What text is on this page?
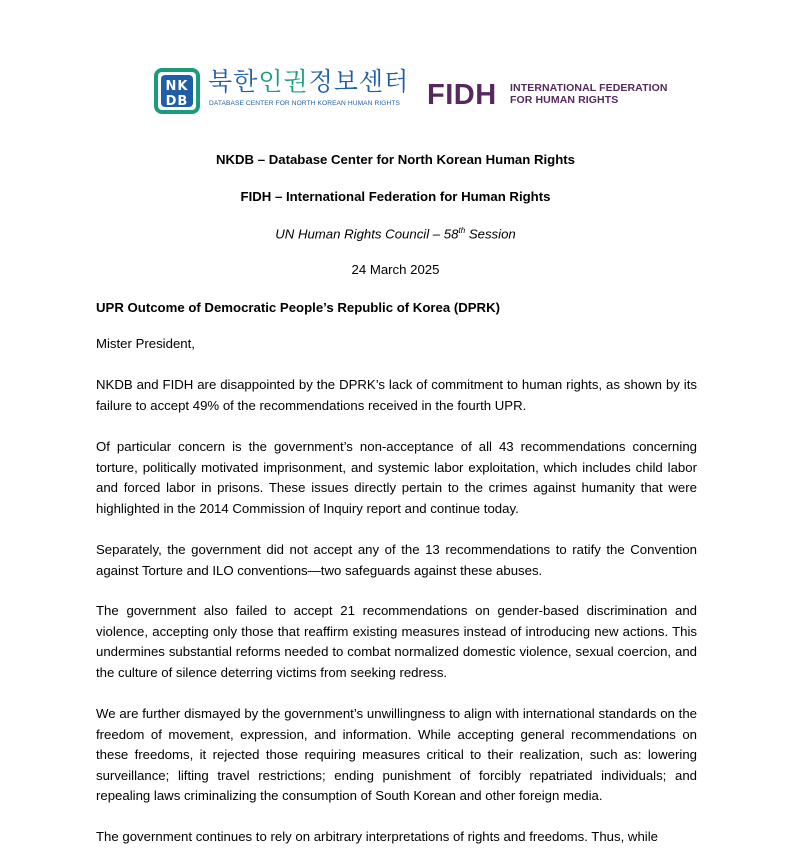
NK DB
북한인권정보센터
DATABASE CENTER FOR NORTH KOREAN HUMAN RIGHTS FIDH INTERNATIONAL FEDERATION
FOR HUMAN RIGHTS
NKDB – Database Center for North Korean Human Rights
FIDH – International Federation for Human Rights
UN Human Rights Council – 58th Session
24 March 2025
UPR Outcome of Democratic People’s Republic of Korea (DPRK)
Mister President,
NKDB and FIDH are disappointed by the DPRK’s lack of commitment to human rights, as shown by its failure to accept 49% of the recommendations received in the fourth UPR.
Of particular concern is the government’s non-acceptance of all 43 recommendations concerning torture, politically motivated imprisonment, and systemic labor exploitation, which includes child labor and forced labor in prisons. These issues directly pertain to the crimes against humanity that were highlighted in the 2014 Commission of Inquiry report and continue today.
Separately, the government did not accept any of the 13 recommendations to ratify the Convention against Torture and ILO conventions—two safeguards against these abuses.
The government also failed to accept 21 recommendations on gender-based discrimination and violence, accepting only those that reaffirm existing measures instead of introducing new actions. This undermines substantial reforms needed to combat normalized domestic violence, sexual coercion, and the culture of silence deterring victims from seeking redress.
We are further dismayed by the government’s unwillingness to align with international standards on the freedom of movement, expression, and information. While accepting general recommendations on these freedoms, it rejected those requiring measures critical to their realization, such as: lowering surveillance; lifting travel restrictions; ending punishment of forcibly repatriated individuals; and repealing laws criminalizing the consumption of South Korean and other foreign media.
The government continues to rely on arbitrary interpretations of rights and freedoms. Thus, while
